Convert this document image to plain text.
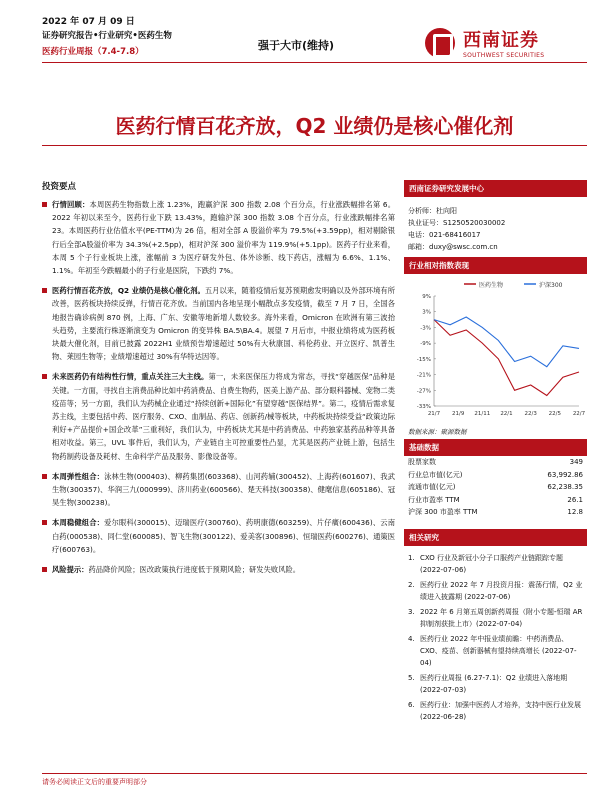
2022 年 07 月 09 日
证券研究报告•行业研究•医药生物
医药行业周报（7.4-7.8）	强于大市(维持)	西南证券
SOUTHWEST SECURITIES
医药行情百花齐放，Q2 业绩仍是核心催化剂
投资要点
行情回顾：本周医药生物指数上涨 1.23%，跑赢沪深 300 指数 2.08 个百分点，行业涨跌幅排名第 6。2022 年初以来至今，医药行业下跌 13.43%，跑输沪深 300 指数 3.08 个百分点，行业涨跌幅排名第 23。本周医药行业估值水平(PE-TTM)为 26 倍，相对全部 A 股溢价率为 79.5%(+3.59pp)，相对剔除银行后全部A股溢价率为 34.3%(+2.5pp)，相对沪深 300 溢价率为 119.9%(+5.1pp)。医药子行业来看，本周 5 个子行业板块上涨，涨幅前 3 为医疗研发外包、体外诊断、线下药店，涨幅为 6.6%、1.1%、1.1%。年初至今跌幅最小的子行业是医院，下跌约 7%。
医药行情百花齐放，Q2 业绩仍是核心催化剂。五月以来，随着疫情后复苏预期愈发明确以及外部环境有所改善，医药板块持续反弹，行情百花齐放。当前国内各地呈现小幅散点多发疫情，截至 7 月 7 日，全国各地报告确诊病例 870 例，上海、广东、安徽等地新增人数较多。海外来看，Omicron 在欧洲有第三波抬头趋势，主要流行株逐渐演变为 Omicron 的变异株 BA.5\BA.4。展望 7 月后市，中报业绩将成为医药板块最大催化剂，目前已披露 2022H1 业绩预告增速超过 50%有大秋康国、科伦药业、开立医疗、凯普生物、莱园生物等；业绩增速超过 30%有华特达因等。
未来医药仍有结构性行情，重点关注三大主线。第一，未来医保压力将成为常态，寻找“穿越医保”品种是关键。一方面，寻找自主消费品种比如中药消费品、自费生物药，医美上游产品、部分眼科器械、宠物二类疫苗等；另一方面，我们认为药械企业通过“持续创新+国际化”有望穿越“医保结界”。第二，疫情后需求复苏主线，主要包括中药、医疗服务、CXO、血制品、药店、创新药/械等板块，中药板块持续受益“政策边际利好+产品提价+国企改革”三重利好，我们认为，中药板块尤其是中药消费品、中药独家基药品种等具备相对收益。第三，UVL 事件后，我们认为，产业链自主可控重要性凸显，尤其是医药产业链上游，包括生物药制药设备及耗材、生命科学产品及服务、影像设备等。
本周弹性组合：泳林生物(000403)、柳药集团(603368)、山河药辅(300452)、上海药(601607)、我武生物(300357)、华润三九(000999)、济川药业(600566)、楚天科技(300358)、健麾信息(605186)、冠昊生物(300238)。
本周稳健组合：爱尔眼科(300015)、迈瑞医疗(300760)、药明康德(603259)、片仔癀(600436)、云南白药(000538)、同仁堂(600085)、智飞生物(300122)、爱美客(300896)、恒瑞医药(600276)、通策医疗(600763)。
风险提示：药品降价风险；医改政策执行进度低于预期风险；研发失败风险。
西南证券研究发展中心
分析师：杜向阳
执业证号：S1250520030002
电话：021-68416017
邮箱：duxy@swsc.com.cn
行业相对指数表现
医药生物	沪深300
9%
3%
-3%
-9%
-15%
-21%
-27%
-33%
21/7 21/9 21/11 22/1 22/3 22/5 22/7
数据来源：聚源数据
基础数据
股票家数	349
行业总市值(亿元)	63,992.86
流通市值(亿元)	62,238.35
行业市盈率 TTM	26.1
沪深 300 市盈率 TTM	12.8
相关研究
1. CXO 行业及新冠小分子口服药产业链跟踪专题 (2022-07-06)
2. 医药行业 2022 年 7 月投资月报：震荡行情，Q2 业绩进入披露期 (2022-07-06)
3. 2022 年 6 月第五周创新药周报（附小专题-恒瑞 AR 抑制剂获批上市）(2022-07-04)
4. 医药行业 2022 年中报业绩前瞻：中药消费品、CXO、疫苗、创新器械有望持续高增长 (2022-07-04)
5. 医药行业周报 (6.27-7.1)：Q2 业绩进入落地期 (2022-07-03)
6. 医药行业：加强中医药人才培养，支持中医行业发展 (2022-06-28)
请务必阅读正文后的重要声明部分
